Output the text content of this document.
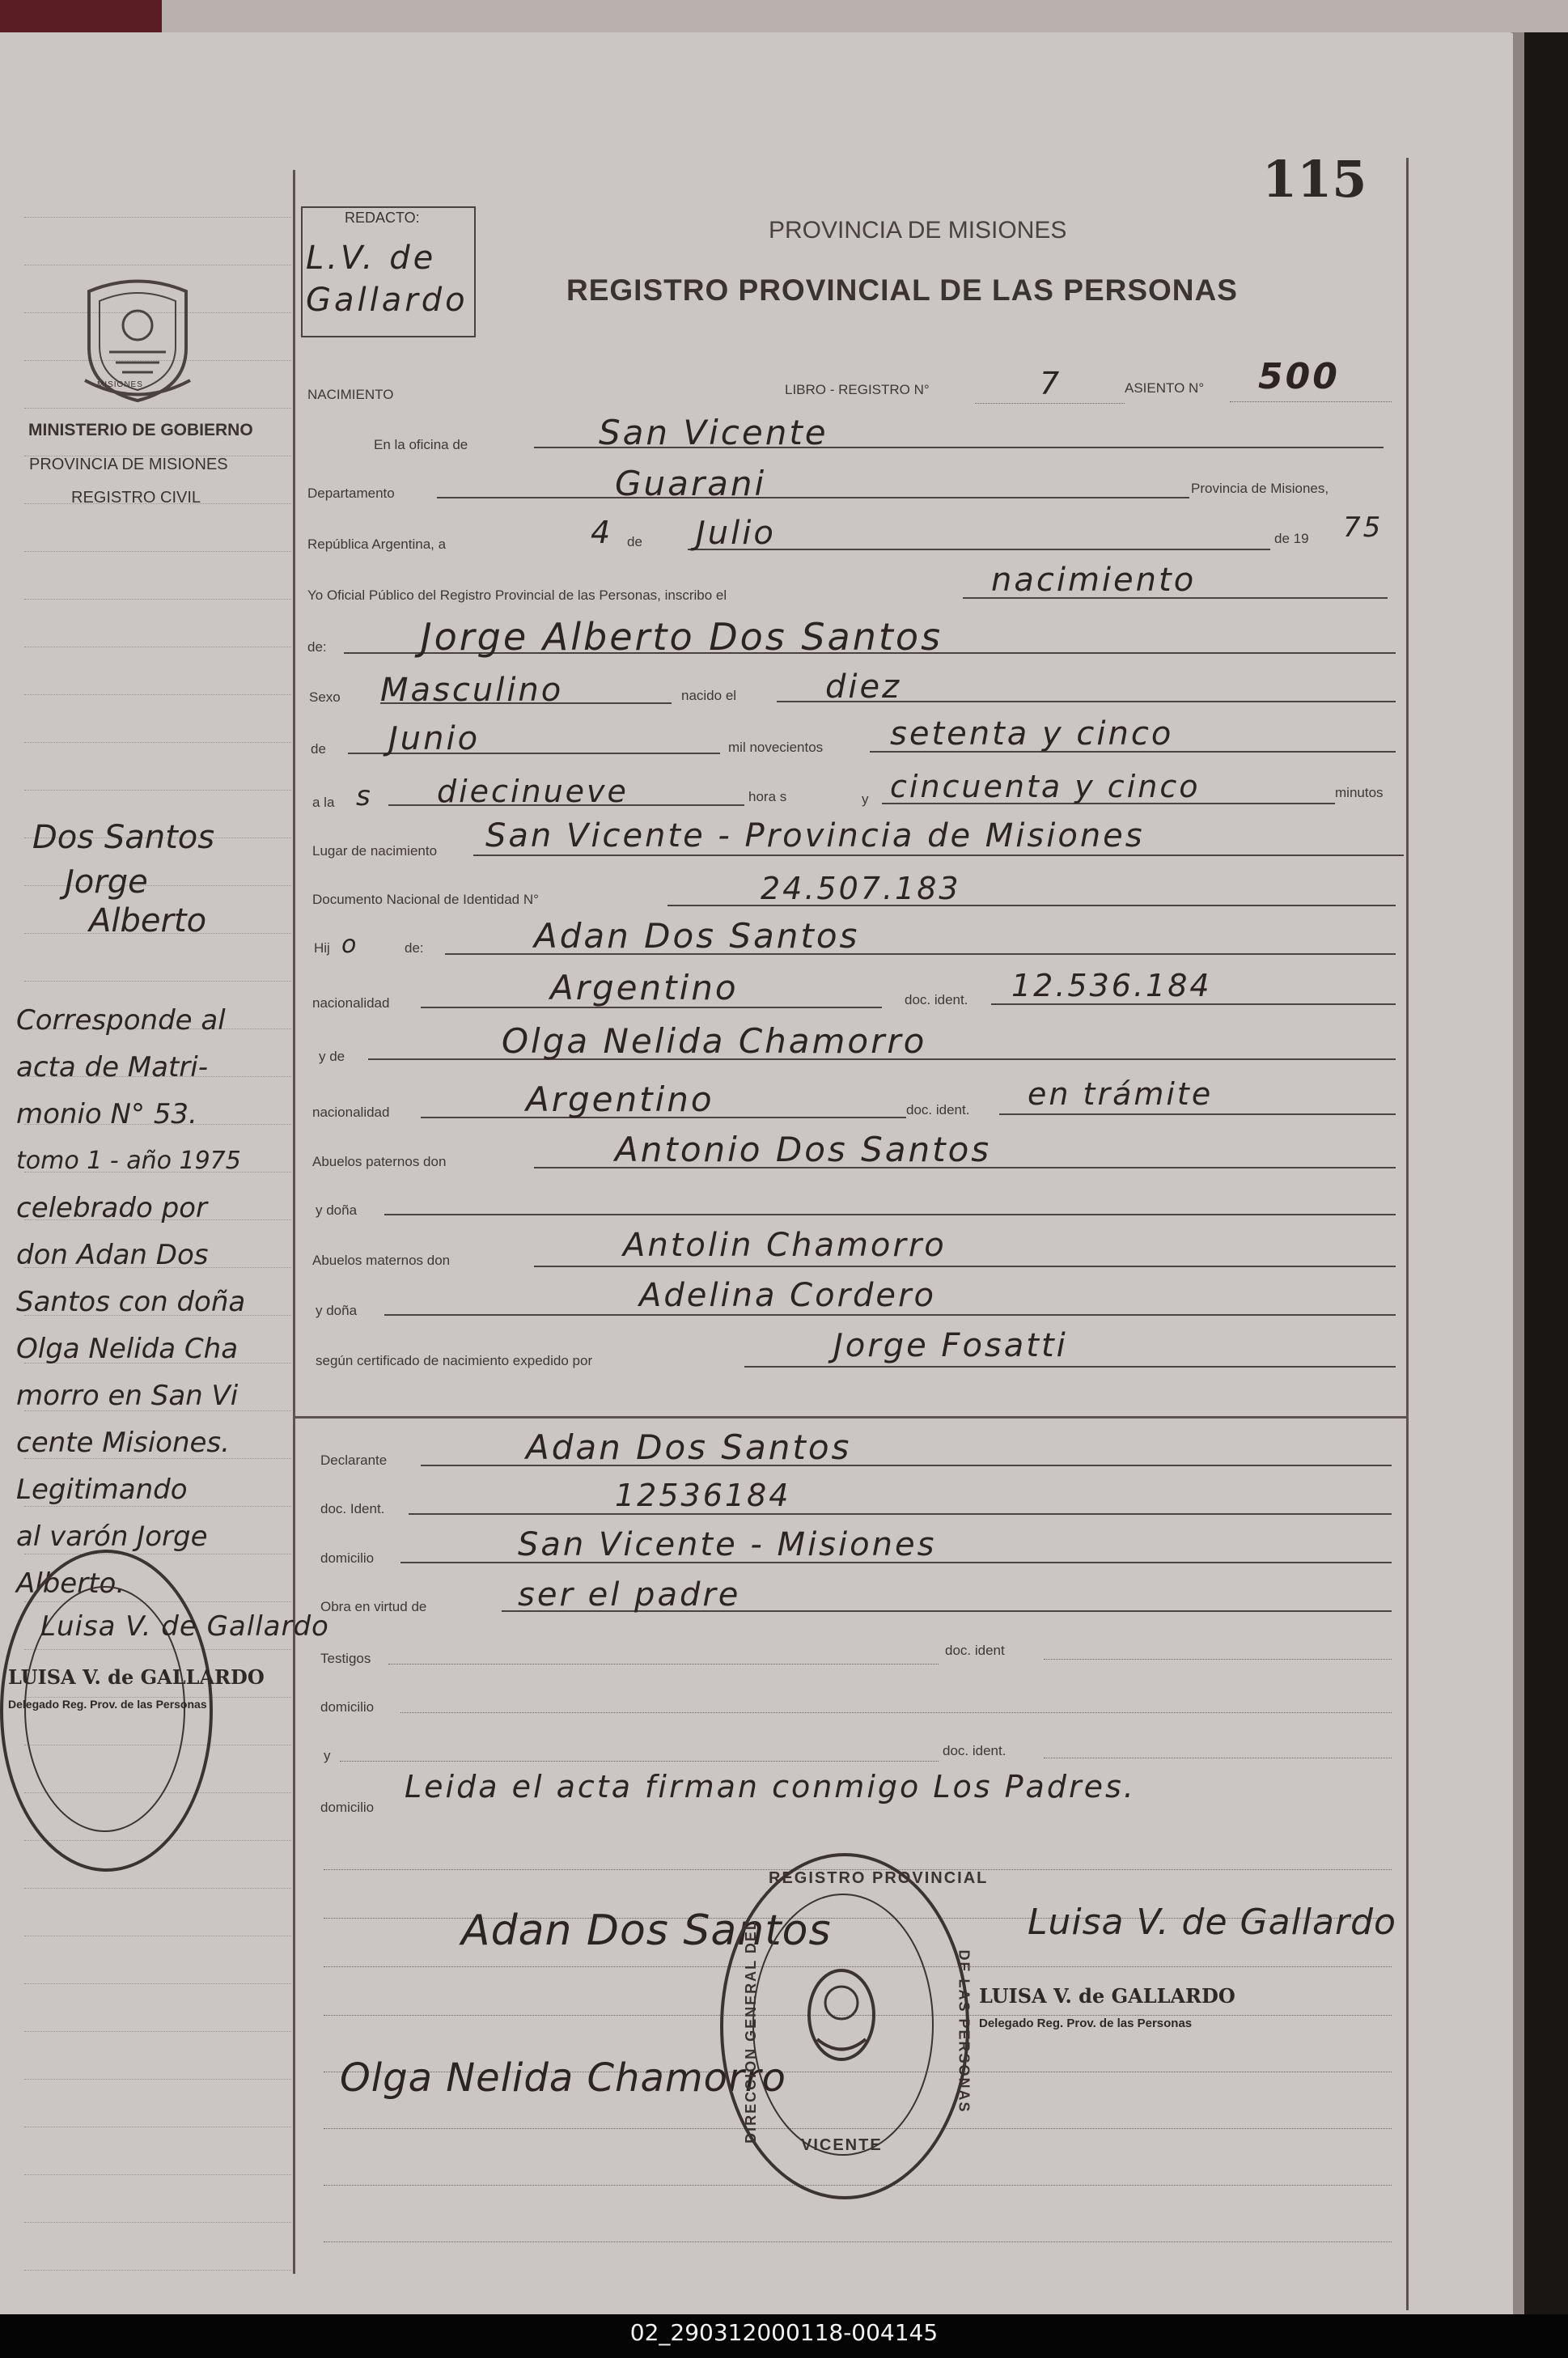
115
REDACTO:
L.V. de Gallardo
PROVINCIA DE MISIONES
REGISTRO PROVINCIAL DE LAS PERSONAS
MISIONES
MINISTERIO DE GOBIERNO
PROVINCIA DE MISIONES
REGISTRO CIVIL
NACIMIENTO	LIBRO - REGISTRO N°	7	ASIENTO N° 500
En la oficina de	San Vicente
Departamento	Guarani	Provincia de Misiones,
República Argentina, a	4 de Julio	de 19 75
Yo Oficial Público del Registro Provincial de las Personas, inscribo el	nacimiento
de:	Jorge Alberto Dos Santos
Sexo Masculino	nacido el	diez
de Junio	mil novecientos setenta y cinco
a la s diecinueve	hora s	y cincuenta y cinco	minutos
Lugar de nacimiento San Vicente - Provincia de Misiones
Documento Nacional de Identidad N°	24.507.183
Hij o	de:	Adan Dos Santos
nacionalidad	Argentino	doc. ident. 12.536.184
y de	Olga Nelida Chamorro
nacionalidad	Argentino	doc. ident. en trámite
Abuelos paternos don	Antonio Dos Santos
y doña
Abuelos maternos don	Antolin Chamorro
y doña	Adelina Cordero
según certificado de nacimiento expedido por	Jorge Fosatti
Declarante	Adan Dos Santos
doc. Ident.	12536184
domicilio	San Vicente - Misiones
Obra en virtud de	ser el padre
Testigos
doc. ident
domicilio
y	doc. ident.
domicilio
Leida el acta firman conmigo Los Padres.
Adan Dos Santos
Olga Nelida Chamorro
Luisa V. de Gallardo
LUISA V. de GALLARDO
Delegado Reg. Prov. de las Personas
REGISTRO PROVINCIAL
VICENTE
DIRECCION GENERAL DEL	DE LAS PERSONAS
Dos Santos
Jorge
Alberto
Corresponde al
acta de Matri-
monio N° 53.
tomo 1 - año 1975
celebrado por
don Adan Dos
Santos con doña
Olga Nelida Cha
morro en San Vi
cente Misiones.
Legitimando
al varón Jorge
Alberto.
Luisa V. de Gallardo
LUISA V. de GALLARDO
Delegado Reg. Prov. de las Personas
02_290312000118-004145
